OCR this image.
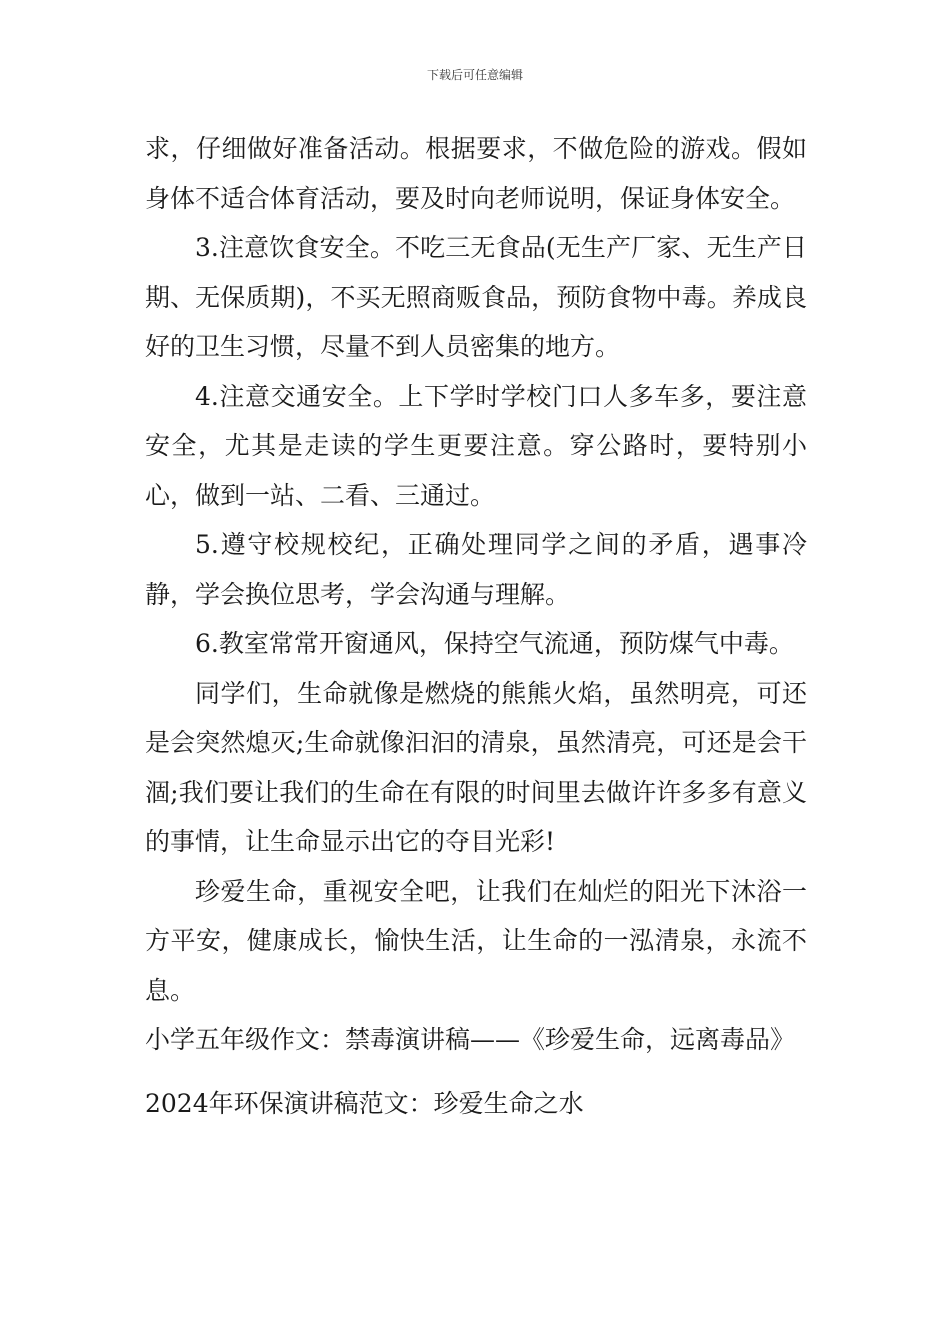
下载后可任意编辑

求，仔细做好准备活动。根据要求，不做危险的游戏。假如身体不适合体育活动，要及时向老师说明，保证身体安全。

3.注意饮食安全。不吃三无食品(无生产厂家、无生产日期、无保质期)，不买无照商贩食品，预防食物中毒。养成良好的卫生习惯，尽量不到人员密集的地方。

4.注意交通安全。上下学时学校门口人多车多，要注意安全，尤其是走读的学生更要注意。穿公路时，要特别小心，做到一站、二看、三通过。

5.遵守校规校纪，正确处理同学之间的矛盾，遇事冷静，学会换位思考，学会沟通与理解。

6.教室常常开窗通风，保持空气流通，预防煤气中毒。

同学们，生命就像是燃烧的熊熊火焰，虽然明亮，可还是会突然熄灭;生命就像汩汩的清泉，虽然清亮，可还是会干涸;我们要让我们的生命在有限的时间里去做许许多多有意义的事情，让生命显示出它的夺目光彩!

珍爱生命，重视安全吧，让我们在灿烂的阳光下沐浴一方平安，健康成长，愉快生活，让生命的一泓清泉，永流不息。

小学五年级作文：禁毒演讲稿——《珍爱生命，远离毒品》

2024年环保演讲稿范文：珍爱生命之水
